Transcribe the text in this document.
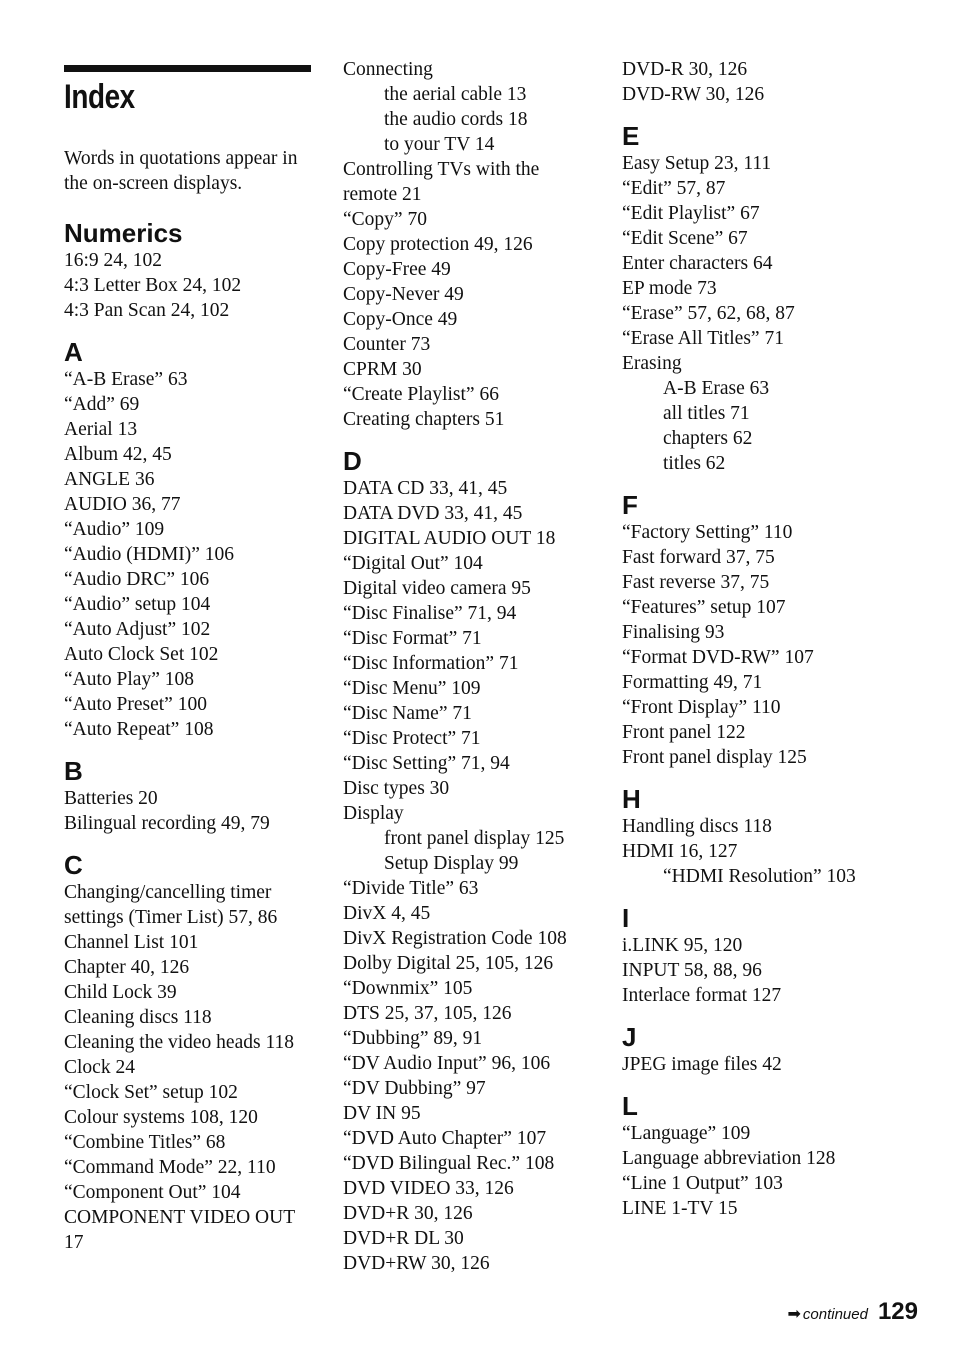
Index
Words in quotations appear in the on-screen displays.
Numerics
16:9 24, 102
4:3 Letter Box 24, 102
4:3 Pan Scan 24, 102
A
“A-B Erase” 63
“Add” 69
Aerial 13
Album 42, 45
ANGLE 36
AUDIO 36, 77
“Audio” 109
“Audio (HDMI)” 106
“Audio DRC” 106
“Audio” setup 104
“Auto Adjust” 102
Auto Clock Set 102
“Auto Play” 108
“Auto Preset” 100
“Auto Repeat” 108
B
Batteries 20
Bilingual recording 49, 79
C
Changing/cancelling timer settings (Timer List) 57, 86
Channel List 101
Chapter 40, 126
Child Lock 39
Cleaning discs 118
Cleaning the video heads 118
Clock 24
“Clock Set” setup 102
Colour systems 108, 120
“Combine Titles” 68
“Command Mode” 22, 110
“Component Out” 104
COMPONENT VIDEO OUT 17
Connecting
the aerial cable 13
the audio cords 18
to your TV 14
Controlling TVs with the remote 21
“Copy” 70
Copy protection 49, 126
Copy-Free 49
Copy-Never 49
Copy-Once 49
Counter 73
CPRM 30
“Create Playlist” 66
Creating chapters 51
D
DATA CD 33, 41, 45
DATA DVD 33, 41, 45
DIGITAL AUDIO OUT 18
“Digital Out” 104
Digital video camera 95
“Disc Finalise” 71, 94
“Disc Format” 71
“Disc Information” 71
“Disc Menu” 109
“Disc Name” 71
“Disc Protect” 71
“Disc Setting” 71, 94
Disc types 30
Display
front panel display 125
Setup Display 99
“Divide Title” 63
DivX 4, 45
DivX Registration Code 108
Dolby Digital 25, 105, 126
“Downmix” 105
DTS 25, 37, 105, 126
“Dubbing” 89, 91
“DV Audio Input” 96, 106
“DV Dubbing” 97
DV IN 95
“DVD Auto Chapter” 107
“DVD Bilingual Rec.” 108
DVD VIDEO 33, 126
DVD+R 30, 126
DVD+R DL 30
DVD+RW 30, 126
DVD-R 30, 126
DVD-RW 30, 126
E
Easy Setup 23, 111
“Edit” 57, 87
“Edit Playlist” 67
“Edit Scene” 67
Enter characters 64
EP mode 73
“Erase” 57, 62, 68, 87
“Erase All Titles” 71
Erasing
A-B Erase 63
all titles 71
chapters 62
titles 62
F
“Factory Setting” 110
Fast forward 37, 75
Fast reverse 37, 75
“Features” setup 107
Finalising 93
“Format DVD-RW” 107
Formatting 49, 71
“Front Display” 110
Front panel 122
Front panel display 125
H
Handling discs 118
HDMI 16, 127
“HDMI Resolution” 103
I
i.LINK 95, 120
INPUT 58, 88, 96
Interlace format 127
J
JPEG image files 42
L
“Language” 109
Language abbreviation 128
“Line 1 Output” 103
LINE 1-TV 15
➡ continued 129
